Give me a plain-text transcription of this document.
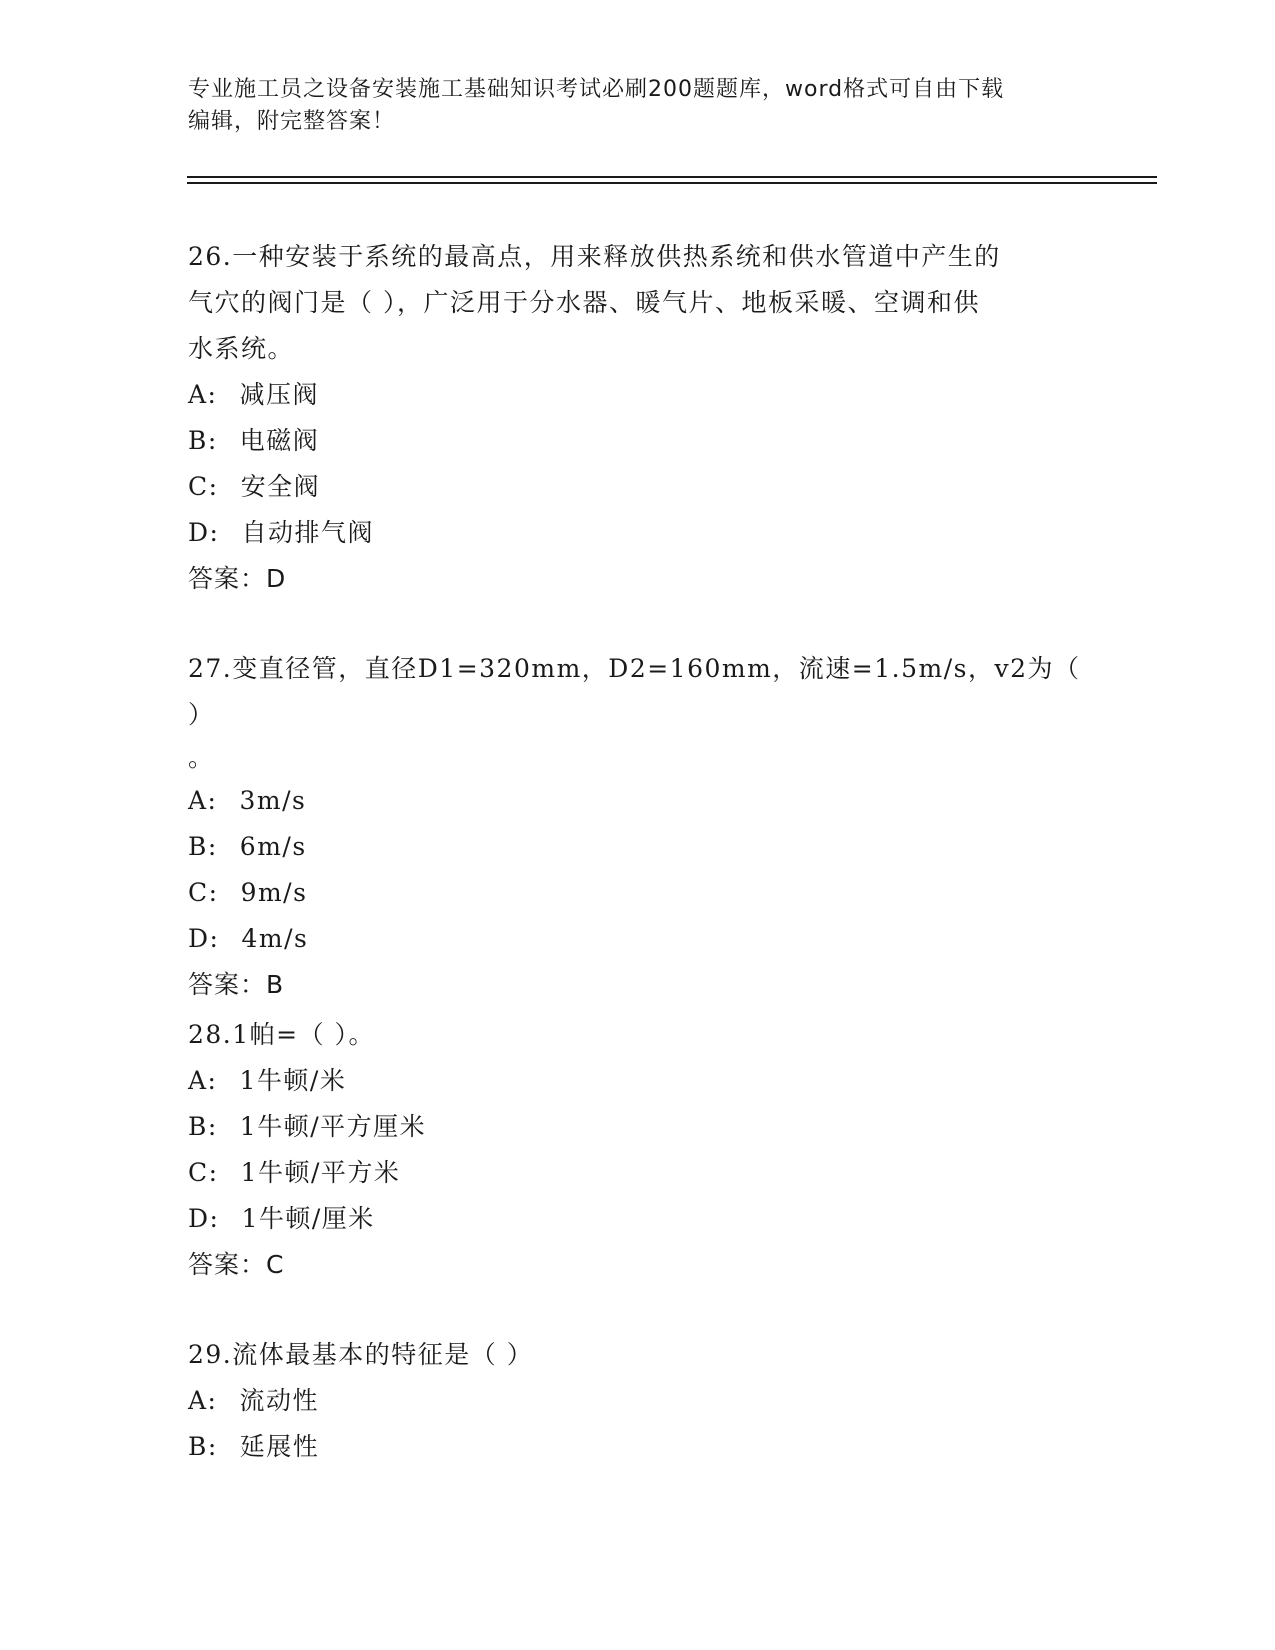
专业施工员之设备安装施工基础知识考试必刷200题题库，word格式可自由下载
编辑，附完整答案！
26.一种安装于系统的最高点，用来释放供热系统和供水管道中产生的
气穴的阀门是（ ），广泛用于分水器、暖气片、地板采暖、空调和供
水系统。
A: 减压阀
B: 电磁阀
C: 安全阀
D: 自动排气阀
答案：D
27.变直径管，直径D1=320mm，D2=160mm，流速=1.5m/s，v2为（ ）
。
A: 3m/s
B: 6m/s
C: 9m/s
D: 4m/s
答案：B
28.1帕=（ ）。
A: 1牛顿/米
B: 1牛顿/平方厘米
C: 1牛顿/平方米
D: 1牛顿/厘米
答案：C
29.流体最基本的特征是（ ）
A: 流动性
B: 延展性
